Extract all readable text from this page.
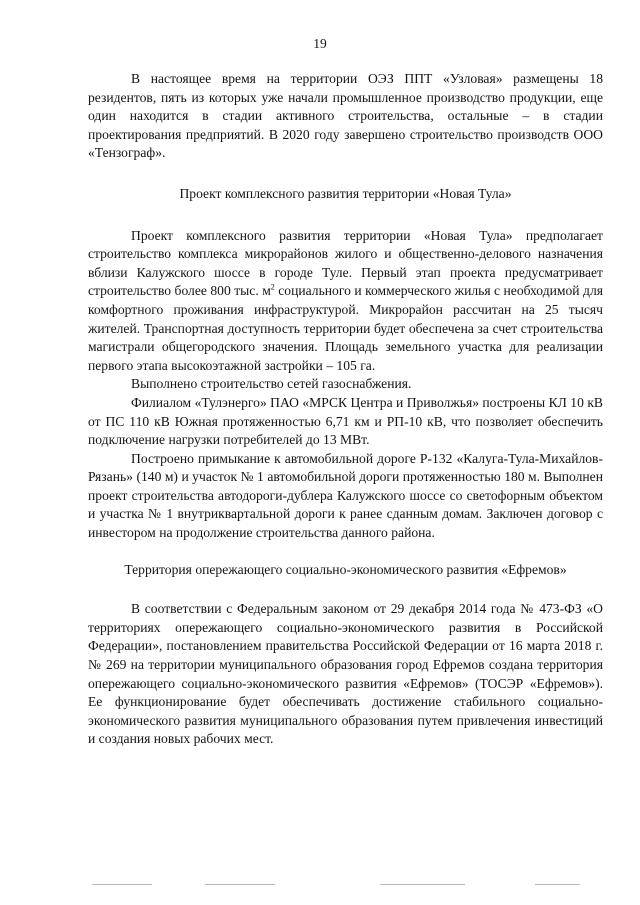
19

В настоящее время на территории ОЭЗ ППТ «Узловая» размещены 18 резидентов, пять из которых уже начали промышленное производство продукции, еще один находится в стадии активного строительства, остальные – в стадии проектирования предприятий. В 2020 году завершено строительство производств ООО «Тензограф».

Проект комплексного развития территории «Новая Тула»

Проект комплексного развития территории «Новая Тула» предполагает строительство комплекса микрорайонов жилого и общественно-делового назначения вблизи Калужского шоссе в городе Туле. Первый этап проекта предусматривает строительство более 800 тыс. $м^2$ социального и коммерческого жилья с необходимой для комфортного проживания инфраструктурой. Микрорайон рассчитан на 25 тысяч жителей. Транспортная доступность территории будет обеспечена за счет строительства магистрали общегородского значения. Площадь земельного участка для реализации первого этапа высокоэтажной застройки – 105 га.

Выполнено строительство сетей газоснабжения.

Филиалом «Тулэнерго» ПАО «МРСК Центра и Приволжья» построены КЛ 10 кВ от ПС 110 кВ Южная протяженностью 6,71 км и РП-10 кВ, что позволяет обеспечить подключение нагрузки потребителей до 13 МВт.

Построено примыкание к автомобильной дороге Р-132 «Калуга-Тула-Михайлов-Рязань» (140 м) и участок № 1 автомобильной дороги протяженностью 180 м. Выполнен проект строительства автодороги-дублера Калужского шоссе со светофорным объектом и участка № 1 внутриквартальной дороги к ранее сданным домам. Заключен договор с инвестором на продолжение строительства данного района.

Территория опережающего социально-экономического развития «Ефремов»

В соответствии с Федеральным законом от 29 декабря 2014 года № 473-ФЗ «О территориях опережающего социально-экономического развития в Российской Федерации», постановлением правительства Российской Федерации от 16 марта 2018 г. № 269 на территории муниципального образования город Ефремов создана территория опережающего социально-экономического развития «Ефремов» (ТОСЭР «Ефремов»). Ее функционирование будет обеспечивать достижение стабильного социально-экономического развития муниципального образования путем привлечения инвестиций и создания новых рабочих мест.
